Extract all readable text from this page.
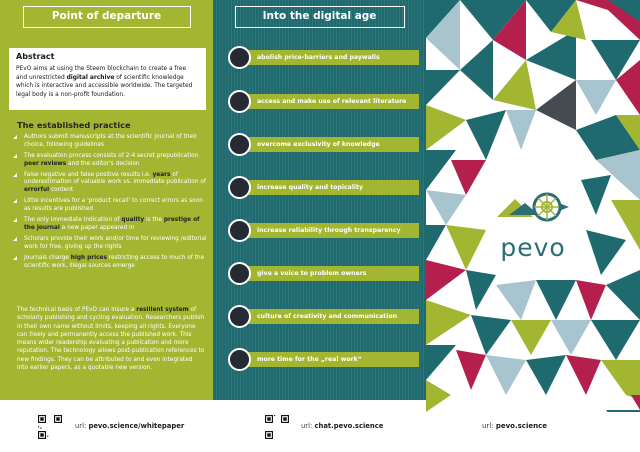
Point of departure
Abstract

PEvO aims at using the Steem blockchain to create a free and unrestricted digital archive of scientific knowledge which is interactive and accessible worldwide. The targeted legal body is a non-profit foundation.

The established practice
Authors submit manuscripts at the scientific journal of their choice, following guidelines
The evaluation process consists of 2-4 secret prepublication peer reviews and the editor's decision
False negative and false positive results i.e. years of underestimation of valuable work vs. immediate publication of errorful content
Little incentives for a 'product recall' to correct errors as soon as results are published
The only immediate indication of quality is the prestige of the journal a new paper appeared in
Scholars provide their work and/or time for reviewing /editorial work for free, giving up the rights
Journals charge high prices restricting access to much of the scientific work, illegal sources emerge
The technical basis of PEvO can insure a resilient system of scholarly publishing and cycling evaluation. Researchers publish in their own name without limits, keeping all rights. Everyone can freely and permanently access the published work. This means wider readership evaluating a publication and more reputation. The technology allows post-publication references to new findings. They can be attributed to and even integrated into earlier papers, as a quotable new version.
url: pevo.science/whitepaper
Into the digital age
abolish price-barriers and paywalls
access and make use of relevant literature
overcome exclusivity of knowledge
increase quality and topicality
increase reliability through transparency
give a voice to problem owners
culture of creativity and communication
more time for the „real work“
url: chat.pevo.science
pevo
url: pevo.science
